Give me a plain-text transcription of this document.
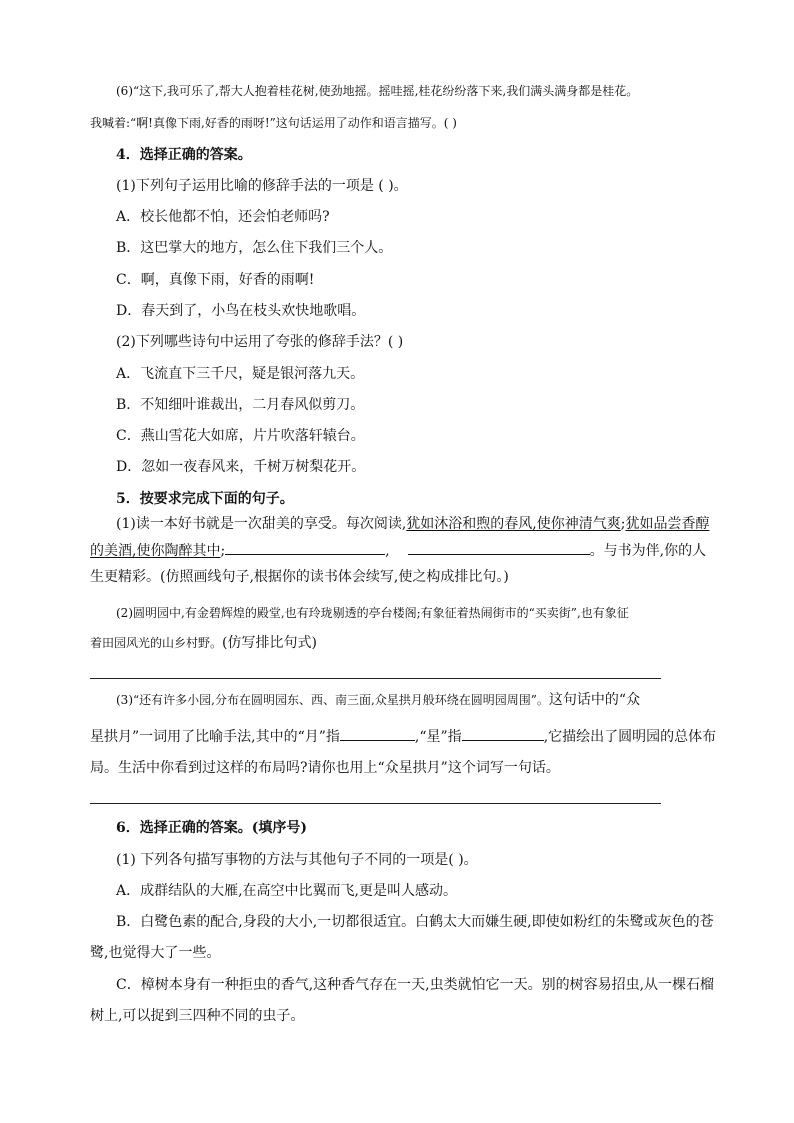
(6)“这下,我可乐了,帮大人抱着桂花树,使劲地摇。摇哇摇,桂花纷纷落下来,我们满头满身都是桂花。
我喊着:“啊!真像下雨,好香的雨呀!”这句话运用了动作和语言描写。( )
4．选择正确的答案。
(1)下列句子运用比喻的修辞手法的一项是 ( )。
A．校长他都不怕，还会怕老师吗?
B．这巴掌大的地方，怎么住下我们三个人。
C．啊，真像下雨，好香的雨啊!
D．春天到了，小鸟在枝头欢快地歌唱。
(2)下列哪些诗句中运用了夸张的修辞手法？( )
A．飞流直下三千尺，疑是银河落九天。
B．不知细叶谁裁出，二月春风似剪刀。
C．燕山雪花大如席，片片吹落轩辕台。
D．忽如一夜春风来，千树万树梨花开。
5．按要求完成下面的句子。
(1)读一本好书就是一次甜美的享受。每次阅读,犹如沐浴和煦的春风,使你神清气爽;犹如品尝香醇
的美酒,使你陶醉其中;	,	。与书为伴,你的人
生更精彩。(仿照画线句子,根据你的读书体会续写,使之构成排比句。)
(2)圆明园中,有金碧辉煌的殿堂,也有玲珑剔透的亭台楼阁;有象征着热闹街市的“买卖街”,也有象征
着田园风光的山乡村野。(仿写排比句式)
(3)“还有许多小园,分布在圆明园东、西、南三面,众星拱月般环绕在圆明园周围”。这句话中的“众
星拱月”一词用了比喻手法,其中的“月”指	,“星”指	,它描绘出了圆明园的总体布
局。生活中你看到过这样的布局吗?请你也用上“众星拱月”这个词写一句话。
6．选择正确的答案。(填序号)
(1) 下列各句描写事物的方法与其他句子不同的一项是( )。
A．成群结队的大雁,在高空中比翼而飞,更是叫人感动。
B．白鹭色素的配合,身段的大小,一切都很适宜。白鹤太大而嫌生硬,即使如粉红的朱鹭或灰色的苍
鹭,也觉得大了一些。
C．樟树本身有一种拒虫的香气,这种香气存在一天,虫类就怕它一天。别的树容易招虫,从一棵石榴
树上,可以捉到三四种不同的虫子。
